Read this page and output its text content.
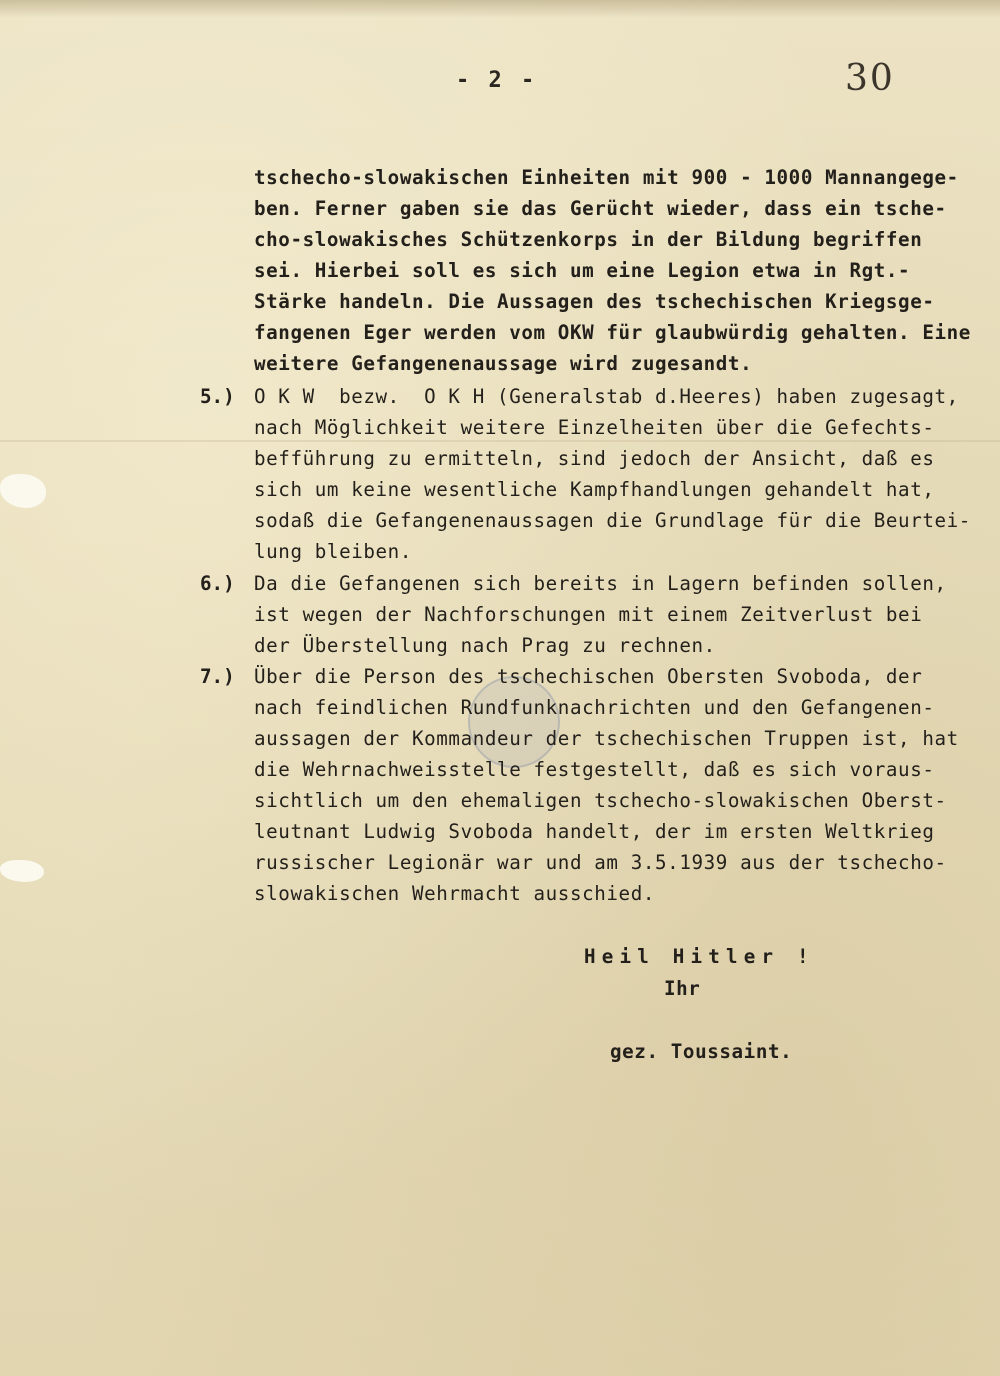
- 2 -	30
tschecho-slowakischen Einheiten mit 900 - 1000 Mannangege-
ben. Ferner gaben sie das Gerücht wieder, dass ein tsche-
cho-slowakisches Schützenkorps in der Bildung begriffen
sei. Hierbei soll es sich um eine Legion etwa in Rgt.-
Stärke handeln. Die Aussagen des tschechischen Kriegsge-
fangenen Eger werden vom OKW für glaubwürdig gehalten. Eine
weitere Gefangenenaussage wird zugesandt.
5.) O K W  bezw.  O K H (Generalstab d.Heeres) haben zugesagt,
nach Möglichkeit weitere Einzelheiten über die Gefechts-
befführung zu ermitteln, sind jedoch der Ansicht, daß es
sich um keine wesentliche Kampfhandlungen gehandelt hat,
sodaß die Gefangenenaussagen die Grundlage für die Beurtei-
lung bleiben.
6.) Da die Gefangenen sich bereits in Lagern befinden sollen,
ist wegen der Nachforschungen mit einem Zeitverlust bei
der Überstellung nach Prag zu rechnen.
7.) Über die Person des tschechischen Obersten Svoboda, der
nach feindlichen Rundfunknachrichten und den Gefangenen-
aussagen der Kommandeur der tschechischen Truppen ist, hat
die Wehrnachweisstelle festgestellt, daß es sich voraus-
sichtlich um den ehemaligen tschecho-slowakischen Oberst-
leutnant Ludwig Svoboda handelt, der im ersten Weltkrieg
russischer Legionär war und am 3.5.1939 aus der tschecho-
slowakischen Wehrmacht ausschied.
Heil Hitler !
Ihr
gez. Toussaint.
